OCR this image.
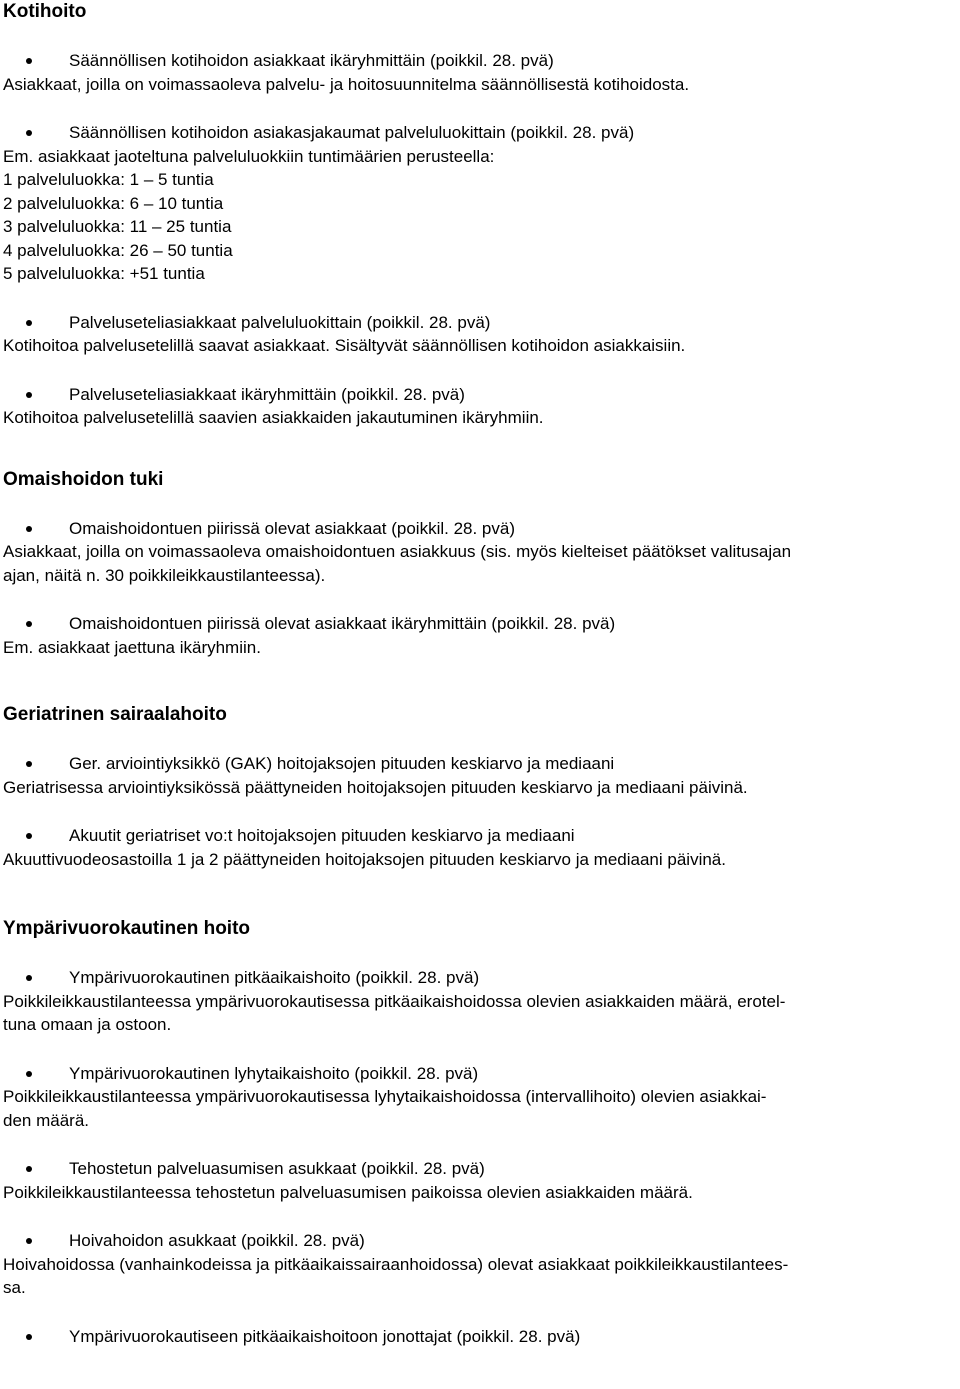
Kotihoito

Säännöllisen kotihoidon asiakkaat ikäryhmittäin (poikkil. 28. pvä)

Asiakkaat, joilla on voimassaoleva palvelu- ja hoitosuunnitelma säännöllisestä kotihoidosta.

Säännöllisen kotihoidon asiakasjakaumat palveluluokittain (poikkil. 28. pvä)

Em. asiakkaat jaoteltuna palveluluokkiin tuntimäärien perusteella:
1 palveluluokka: 1 – 5 tuntia
2 palveluluokka: 6 – 10 tuntia
3 palveluluokka: 11 – 25 tuntia
4 palveluluokka: 26 – 50 tuntia
5 palveluluokka: +51 tuntia

Palveluseteliasiakkaat palveluluokittain (poikkil. 28. pvä)

Kotihoitoa palvelusetelillä saavat asiakkaat. Sisältyvät säännöllisen kotihoidon asiakkaisiin.

Palveluseteliasiakkaat ikäryhmittäin (poikkil. 28. pvä)

Kotihoitoa palvelusetelillä saavien asiakkaiden jakautuminen ikäryhmiin.

Omaishoidon tuki

Omaishoidontuen piirissä olevat asiakkaat (poikkil. 28. pvä)

Asiakkaat, joilla on voimassaoleva omaishoidontuen asiakkuus (sis. myös kielteiset päätökset valitusajan
ajan, näitä n. 30 poikkileikkaustilanteessa).

Omaishoidontuen piirissä olevat asiakkaat ikäryhmittäin (poikkil. 28. pvä)

Em. asiakkaat jaettuna ikäryhmiin.

Geriatrinen sairaalahoito

Ger. arviointiyksikkö (GAK) hoitojaksojen pituuden keskiarvo ja mediaani

Geriatrisessa arviointiyksikössä päättyneiden hoitojaksojen pituuden keskiarvo ja mediaani päivinä.

Akuutit geriatriset vo:t hoitojaksojen pituuden keskiarvo ja mediaani

Akuuttivuodeosastoilla 1 ja 2 päättyneiden hoitojaksojen pituuden keskiarvo ja mediaani päivinä.

Ympärivuorokautinen hoito

Ympärivuorokautinen pitkäaikaishoito (poikkil. 28. pvä)

Poikkileikkaustilanteessa ympärivuorokautisessa pitkäaikaishoidossa olevien asiakkaiden määrä, erotel-
tuna omaan ja ostoon.

Ympärivuorokautinen lyhytaikaishoito (poikkil. 28. pvä)

Poikkileikkaustilanteessa ympärivuorokautisessa lyhytaikaishoidossa (intervallihoito) olevien asiakkai-
den määrä.

Tehostetun palveluasumisen asukkaat (poikkil. 28. pvä)

Poikkileikkaustilanteessa tehostetun palveluasumisen paikoissa olevien asiakkaiden määrä.

Hoivahoidon asukkaat (poikkil. 28. pvä)

Hoivahoidossa (vanhainkodeissa ja pitkäaikaissairaanhoidossa) olevat asiakkaat poikkileikkaustilantees-
sa.

Ympärivuorokautiseen pitkäaikaishoitoon jonottajat (poikkil. 28. pvä)
